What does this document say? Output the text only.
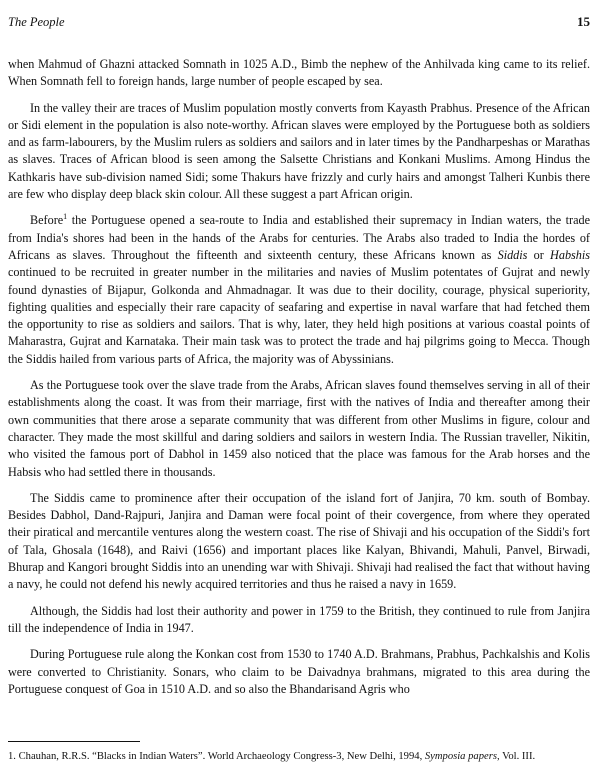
The People	15

when Mahmud of Ghazni attacked Somnath in 1025 A.D., Bimb the nephew of the Anhilvada king came to its relief. When Somnath fell to foreign hands, large number of people escaped by sea.

In the valley their are traces of Muslim population mostly converts from Kayasth Prabhus. Presence of the African or Sidi element in the population is also note-worthy. African slaves were employed by the Portuguese both as soldiers and as farm-labourers, by the Muslim rulers as soldiers and sailors and in later times by the Pandharpeshas or Marathas as slaves. Traces of African blood is seen among the Salsette Christians and Konkani Muslims. Among Hindus the Kathkaris have sub-division named Sidi; some Thakurs have frizzly and curly hairs and amongst Talheri Kunbis there are few who display deep black skin colour. All these suggest a part African origin.

Before$^1$ the Portuguese opened a sea-route to India and established their supremacy in Indian waters, the trade from India's shores had been in the hands of the Arabs for centuries. The Arabs also traded to India the hordes of Africans as slaves. Throughout the fifteenth and sixteenth century, these Africans known as Siddis or Habshis continued to be recruited in greater number in the militaries and navies of Muslim potentates of Gujrat and newly found dynasties of Bijapur, Golkonda and Ahmadnagar. It was due to their docility, courage, physical superiority, fighting qualities and especially their rare capacity of seafaring and expertise in naval warfare that had fetched them the opportunity to rise as soldiers and sailors. That is why, later, they held high positions at various coastal points of Maharastra, Gujrat and Karnataka. Their main task was to protect the trade and haj pilgrims going to Mecca. Though the Siddis hailed from various parts of Africa, the majority was of Abyssinians.

As the Portuguese took over the slave trade from the Arabs, African slaves found themselves serving in all of their establishments along the coast. It was from their marriage, first with the natives of India and thereafter among their own communities that there arose a separate community that was different from other Muslims in figure, colour and character. They made the most skillful and daring soldiers and sailors in western India. The Russian traveller, Nikitin, who visited the famous port of Dabhol in 1459 also noticed that the place was famous for the Arab horses and the Habsis who had settled there in thousands.

The Siddis came to prominence after their occupation of the island fort of Janjira, 70 km. south of Bombay. Besides Dabhol, Dand-Rajpuri, Janjira and Daman were focal point of their covergence, from where they operated their piratical and mercantile ventures along the western coast. The rise of Shivaji and his occupation of the Siddi's fort of Tala, Ghosala (1648), and Raivi (1656) and important places like Kalyan, Bhivandi, Mahuli, Panvel, Birwadi, Bhurap and Kangori brought Siddis into an unending war with Shivaji. Shivaji had realised the fact that without having a navy, he could not defend his newly acquired territories and thus he raised a navy in 1659.

Although, the Siddis had lost their authority and power in 1759 to the British, they continued to rule from Janjira till the independence of India in 1947.

During Portuguese rule along the Konkan cost from 1530 to 1740 A.D. Brahmans, Prabhus, Pachkalshis and Kolis were converted to Christianity. Sonars, who claim to be Daivadnya brahmans, migrated to this area during the Portuguese conquest of Goa in 1510 A.D. and so also the Bhandarisand Agris who

1. Chauhan, R.R.S. “Blacks in Indian Waters”. World Archaeology Congress-3, New Delhi, 1994, Symposia papers, Vol. III.
